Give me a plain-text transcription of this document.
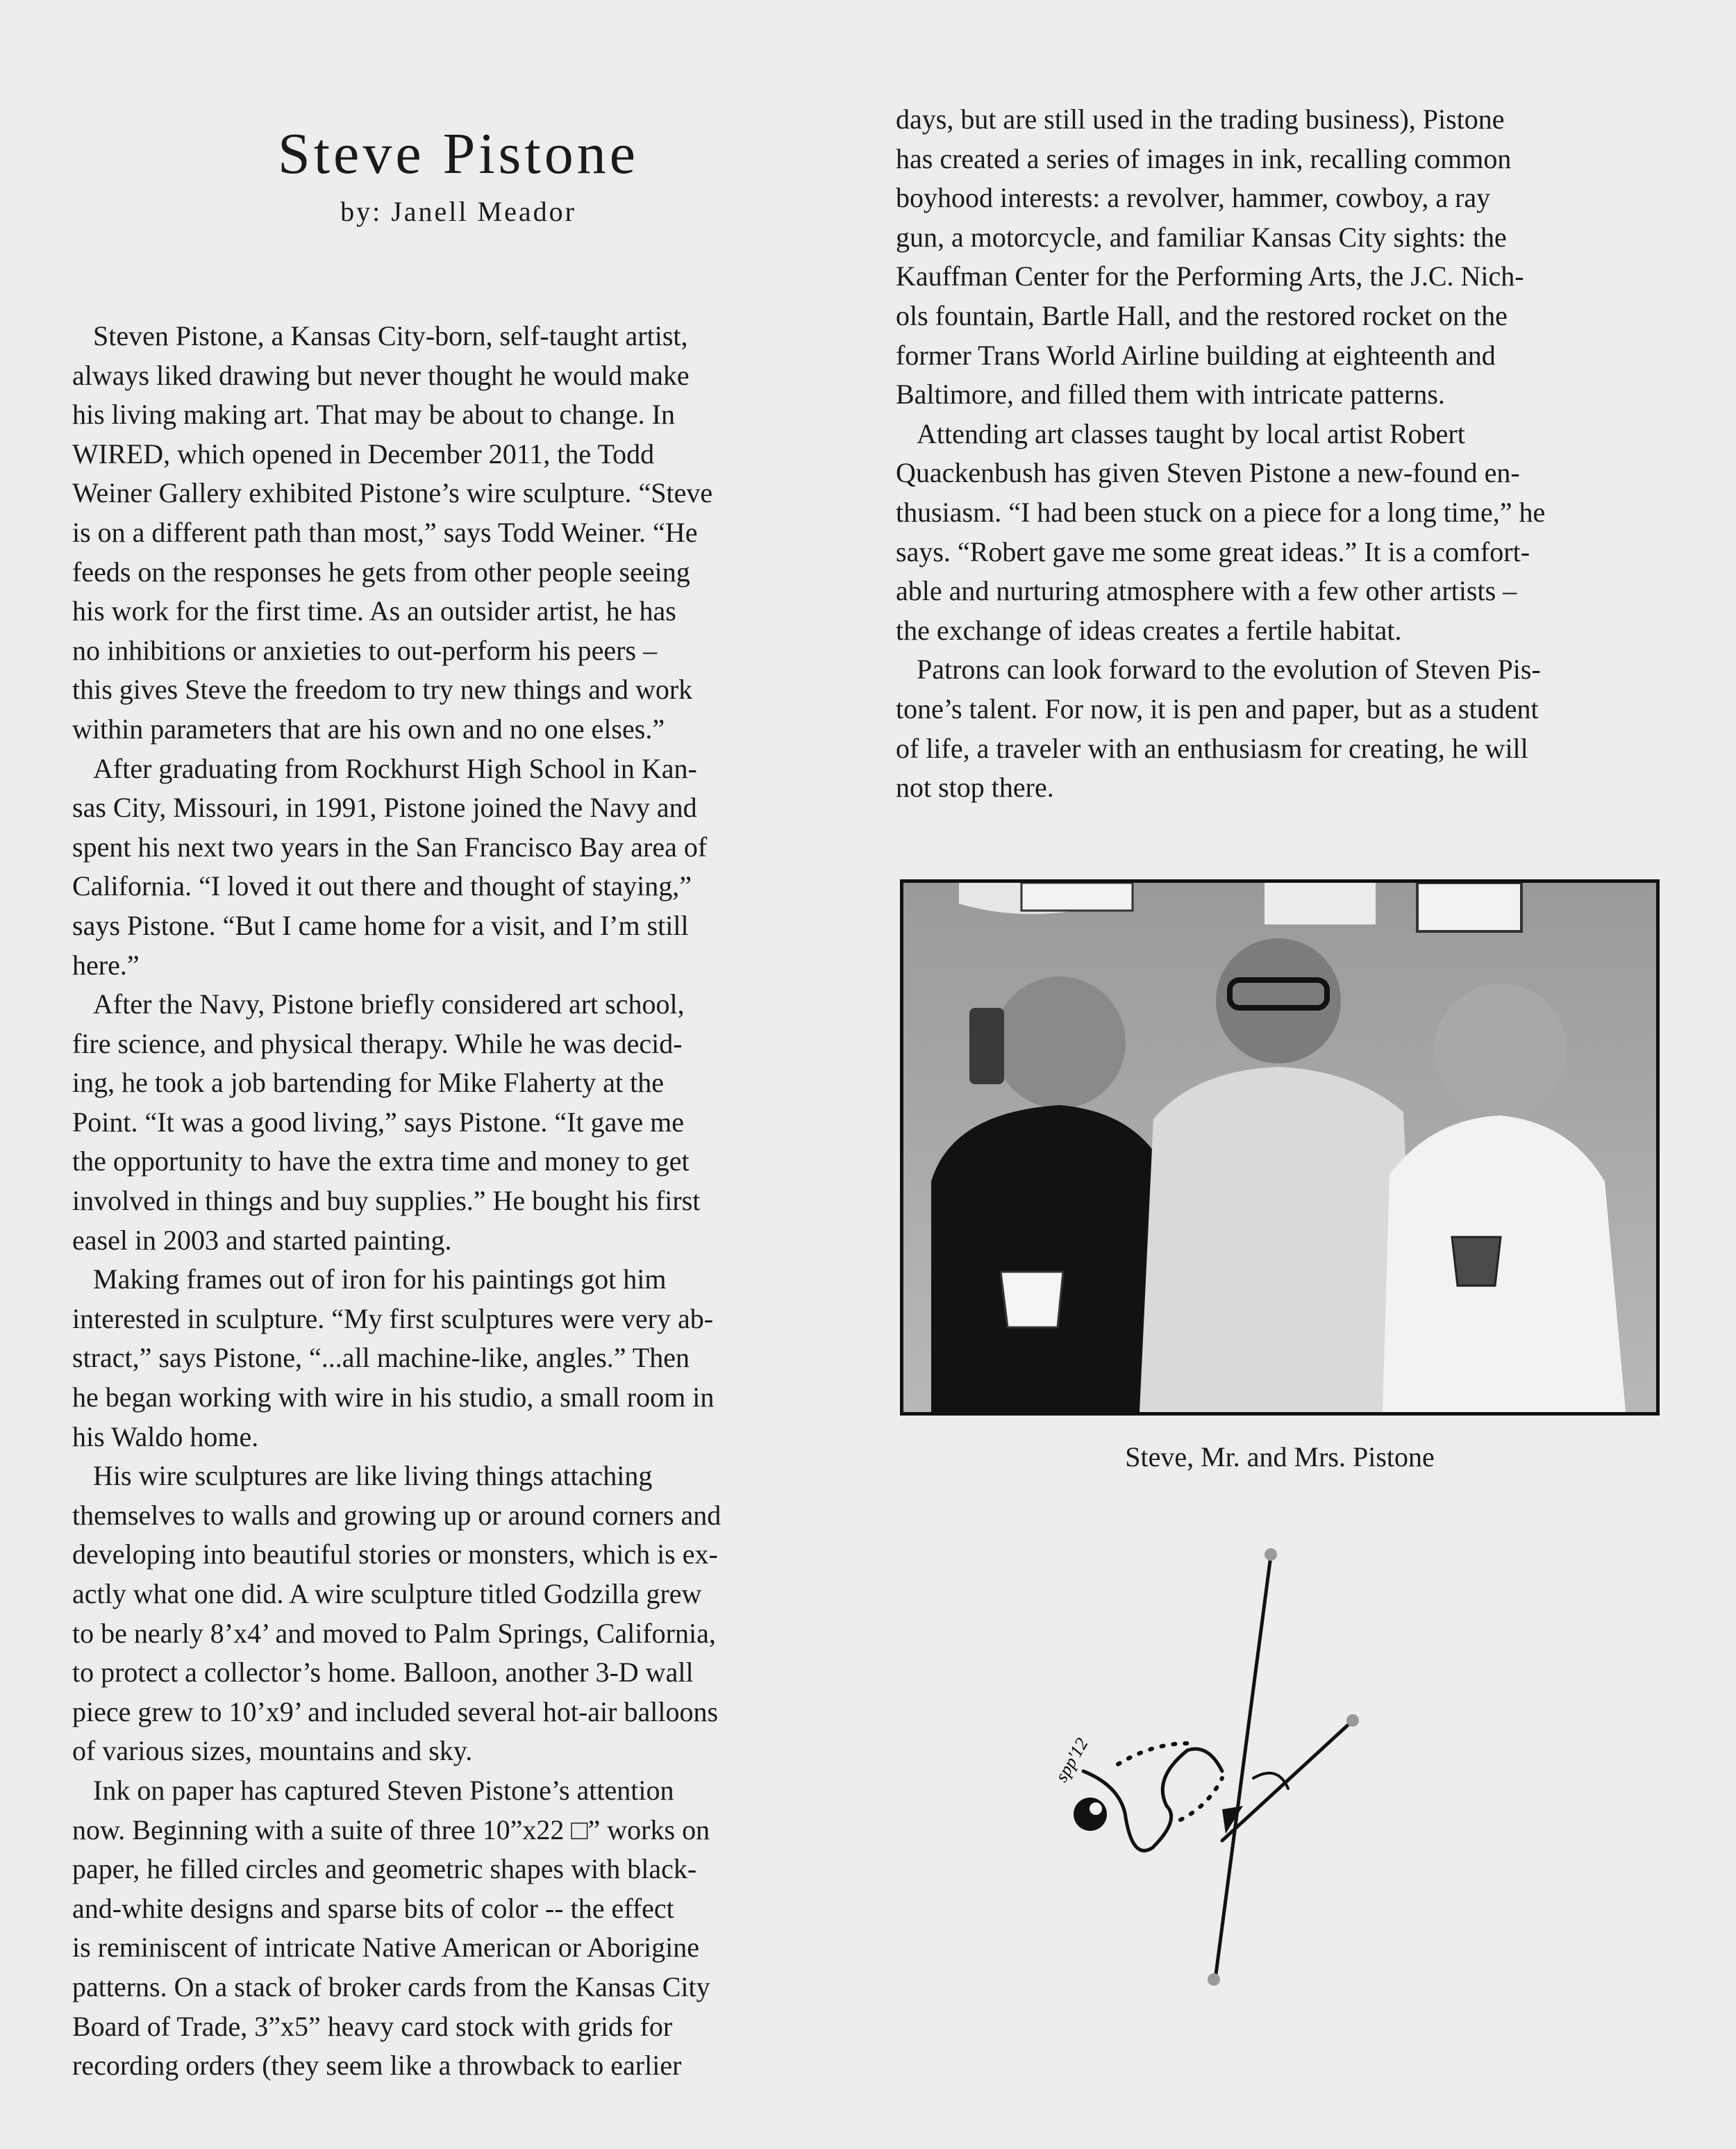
Steve Pistone
by: Janell Meador
Steven Pistone, a Kansas City-born, self-taught artist,
always liked drawing but never thought he would make
his living making art. That may be about to change. In
WIRED, which opened in December 2011, the Todd
Weiner Gallery exhibited Pistone’s wire sculpture. “Steve
is on a different path than most,” says Todd Weiner. “He
feeds on the responses he gets from other people seeing
his work for the first time. As an outsider artist, he has
no inhibitions or anxieties to out-perform his peers –
this gives Steve the freedom to try new things and work
within parameters that are his own and no one elses.”
After graduating from Rockhurst High School in Kan-
sas City, Missouri, in 1991, Pistone joined the Navy and
spent his next two years in the San Francisco Bay area of
California. “I loved it out there and thought of staying,”
says Pistone. “But I came home for a visit, and I’m still
here.”
After the Navy, Pistone briefly considered art school,
fire science, and physical therapy. While he was decid-
ing, he took a job bartending for Mike Flaherty at the
Point. “It was a good living,” says Pistone. “It gave me
the opportunity to have the extra time and money to get
involved in things and buy supplies.” He bought his first
easel in 2003 and started painting.
Making frames out of iron for his paintings got him
interested in sculpture. “My first sculptures were very ab-
stract,” says Pistone, “...all machine-like, angles.” Then
he began working with wire in his studio, a small room in
his Waldo home.
His wire sculptures are like living things attaching
themselves to walls and growing up or around corners and
developing into beautiful stories or monsters, which is ex-
actly what one did. A wire sculpture titled Godzilla grew
to be nearly 8’x4’ and moved to Palm Springs, California,
to protect a collector’s home. Balloon, another 3-D wall
piece grew to 10’x9’ and included several hot-air balloons
of various sizes, mountains and sky.
Ink on paper has captured Steven Pistone’s attention
now. Beginning with a suite of three 10”x22 □” works on
paper, he filled circles and geometric shapes with black-
and-white designs and sparse bits of color -- the effect
is reminiscent of intricate Native American or Aborigine
patterns. On a stack of broker cards from the Kansas City
Board of Trade, 3”x5” heavy card stock with grids for
recording orders (they seem like a throwback to earlier
days, but are still used in the trading business), Pistone
has created a series of images in ink, recalling common
boyhood interests: a revolver, hammer, cowboy, a ray
gun, a motorcycle, and familiar Kansas City sights: the
Kauffman Center for the Performing Arts, the J.C. Nich-
ols fountain, Bartle Hall, and the restored rocket on the
former Trans World Airline building at eighteenth and
Baltimore, and filled them with intricate patterns.
Attending art classes taught by local artist Robert
Quackenbush has given Steven Pistone a new-found en-
thusiasm. “I had been stuck on a piece for a long time,” he
says. “Robert gave me some great ideas.” It is a comfort-
able and nurturing atmosphere with a few other artists –
the exchange of ideas creates a fertile habitat.
Patrons can look forward to the evolution of Steven Pis-
tone’s talent. For now, it is pen and paper, but as a student
of life, a traveler with an enthusiasm for creating, he will
not stop there.
Steve, Mr. and Mrs. Pistone
spp'12
